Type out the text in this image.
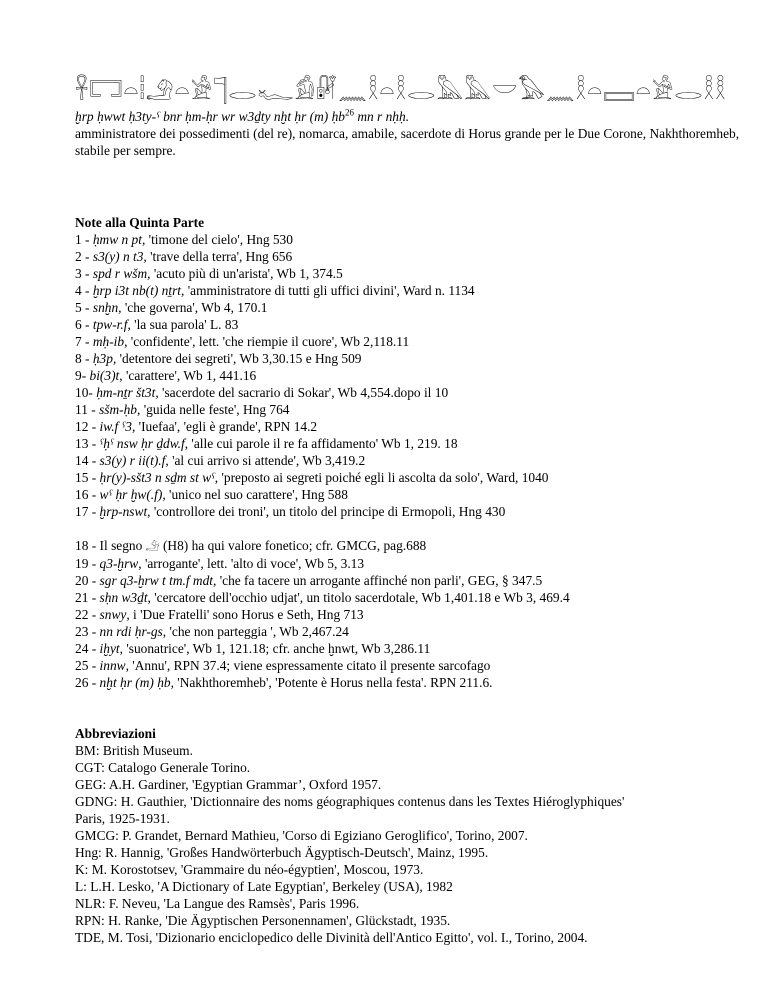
𓋹𓉐𓏏𓏪𓄂𓏏𓀀𓊹𓂋𓆑𓀁𓏞𓈖𓎛𓏏𓎛𓂋𓅓𓅓𓎟𓅃𓈖𓎛𓏏𓈙𓏏𓀀𓂋𓎛𓎛
ḫrp ḥwwt ḥ3ty-ˁ bnr ḥm-ḥr wr w3ḏty nḫt ḥr (m) ḥb$^{26}$ mn r nḥḥ.

amministratore dei possedimenti (del re), nomarca, amabile, sacerdote di Horus grande per le Due Corone, Nakhthoremheb, stabile per sempre.

Note alla Quinta Parte
1 - ḥmw n pt, 'timone del cielo', Hng 530
2 - s3(y) n t3, 'trave della terra', Hng 656
3 - spd r wšm, 'acuto più di un'arista', Wb 1, 374.5
4 - ḫrp i3t nb(t) nṯrt, 'amministratore di tutti gli uffici divini', Ward n. 1134
5 - snḫn, 'che governa', Wb 4, 170.1
6 - tpw-r.f, 'la sua parola' L. 83
7 - mḥ-ib, 'confidente', lett. 'che riempie il cuore', Wb 2,118.11
8 - ḥ3p, 'detentore dei segreti', Wb 3,30.15 e Hng 509
9- bi(3)t, 'carattere', Wb 1, 441.16
10- ḥm-nṯr št3t, 'sacerdote del sacrario di Sokar', Wb 4,554.dopo il 10
11 - sšm-ḥb, 'guida nelle feste', Hng 764
12 - iw.f ˁ3, 'Iuefaa', 'egli è grande', RPN 14.2
13 - ˁḥˁ nsw ḥr ḏdw.f, 'alle cui parole il re fa affidamento' Wb 1, 219. 18
14 - s3(y) r ii(t).f, 'al cui arrivo si attende', Wb 3,419.2
15 - ḥr(y)-sšt3 n sḏm st wˁ, 'preposto ai segreti poiché egli li ascolta da solo', Ward, 1040
16 - wˁ ḥr ḫw(.f), 'unico nel suo carattere', Hng 588
17 - ḫrp-nswt, 'controllore dei troni', un titolo del principe di Ermopoli, Hng 430
18 - Il segno 𓄂 (H8) ha qui valore fonetico; cfr. GMCG, pag.688
19 - q3-ḫrw, 'arrogante', lett. 'alto di voce', Wb 5, 3.13
20 - sgr q3-ḫrw t tm.f mdt, 'che fa tacere un arrogante affinché non parli', GEG, § 347.5
21 - sḥn w3ḏt, 'cercatore dell'occhio udjat', un titolo sacerdotale, Wb 1,401.18 e Wb 3, 469.4
22 - snwy, i 'Due Fratelli' sono Horus e Seth, Hng 713
23 - nn rdi ḥr-gs, 'che non parteggia ', Wb 2,467.24
24 - iḫyt, 'suonatrice', Wb 1, 121.18; cfr. anche ḫnwt, Wb 3,286.11
25 - innw, 'Annu', RPN 37.4; viene espressamente citato il presente sarcofago
26 - nḫt ḥr (m) ḥb, 'Nakhthoremheb', 'Potente è Horus nella festa'. RPN 211.6.
Abbreviazioni
BM: British Museum.
CGT: Catalogo Generale Torino.
GEG: A.H. Gardiner, 'Egyptian Grammar’, Oxford 1957.
GDNG: H. Gauthier, 'Dictionnaire des noms géographiques contenus dans les Textes Hiéroglyphiques'
Paris, 1925-1931.
GMCG: P. Grandet, Bernard Mathieu, 'Corso di Egiziano Geroglifico', Torino, 2007.
Hng: R. Hannig, 'Großes Handwörterbuch Ägyptisch-Deutsch', Mainz, 1995.
K: M. Korostotsev, 'Grammaire du néo-égyptien', Moscou, 1973.
L: L.H. Lesko, 'A Dictionary of Late Egyptian', Berkeley (USA), 1982
NLR: F. Neveu, 'La Langue des Ramsès', Paris 1996.
RPN: H. Ranke, 'Die Ägyptischen Personennamen', Glückstadt, 1935.
TDE, M. Tosi, 'Dizionario enciclopedico delle Divinità dell'Antico Egitto', vol. I., Torino, 2004.
